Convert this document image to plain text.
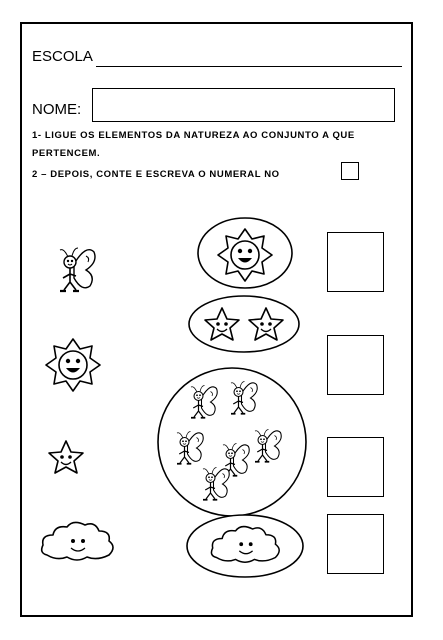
ESCOLA
NOME:
1- LIGUE OS ELEMENTOS DA NATUREZA AO CONJUNTO A QUE
PERTENCEM.
2 – DEPOIS, CONTE E ESCREVA O NUMERAL NO
